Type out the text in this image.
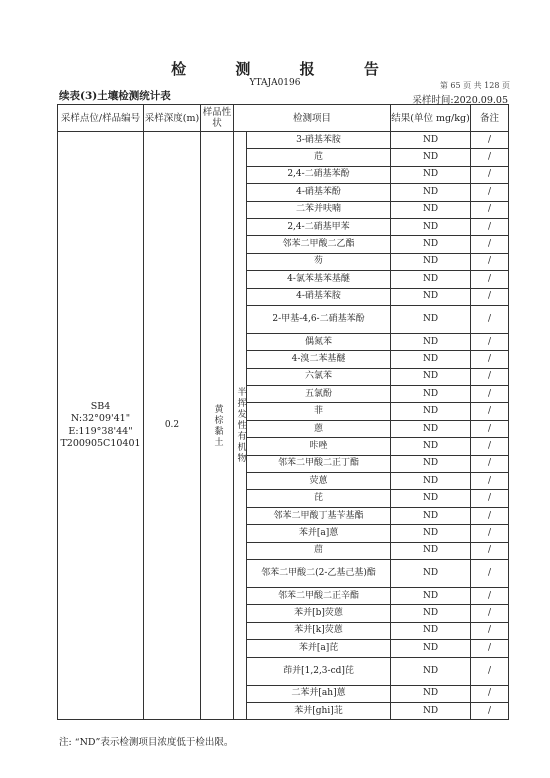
检 测 报 告
YTAJA0196	第 65 页 共 128 页
续表(3)土壤检测统计表	采样时间:2020.09.05
采样点位/样品编号	采样深度(m)	样品性状	检测项目		结果(单位 mg/kg)	备注

SB4
N:32°09'41"
E:119°38'44"
T200905C10401	0.2	黄棕黏土	半挥发性有机物	3-硝基苯胺	ND	/
				苊	ND	/
				2,4-二硝基苯酚	ND	/
				4-硝基苯酚	ND	/
				二苯并呋喃	ND	/
				2,4-二硝基甲苯	ND	/
				邻苯二甲酸二乙酯	ND	/
				芴	ND	/
				4-氯苯基苯基醚	ND	/
				4-硝基苯胺	ND	/
				2-甲基-4,6-二硝基苯酚	ND	/
				偶氮苯	ND	/
				4-溴二苯基醚	ND	/
				六氯苯	ND	/
				五氯酚	ND	/
				菲	ND	/
				蒽	ND	/
				咔唑	ND	/
				邻苯二甲酸二正丁酯	ND	/
				荧蒽	ND	/
				芘	ND	/
				邻苯二甲酸丁基苄基酯	ND	/
				苯并[a]蒽	ND	/
				䓛	ND	/
				邻苯二甲酸二(2-乙基己基)酯	ND	/
				邻苯二甲酸二正辛酯	ND	/
				苯并[b]荧蒽	ND	/
				苯并[k]荧蒽	ND	/
				苯并[a]芘	ND	/
				茚并[1,2,3-cd]芘	ND	/
				二苯并[ah]蒽	ND	/
				苯并[ghi]苝	ND	/
注: “ND”表示检测项目浓度低于检出限。
